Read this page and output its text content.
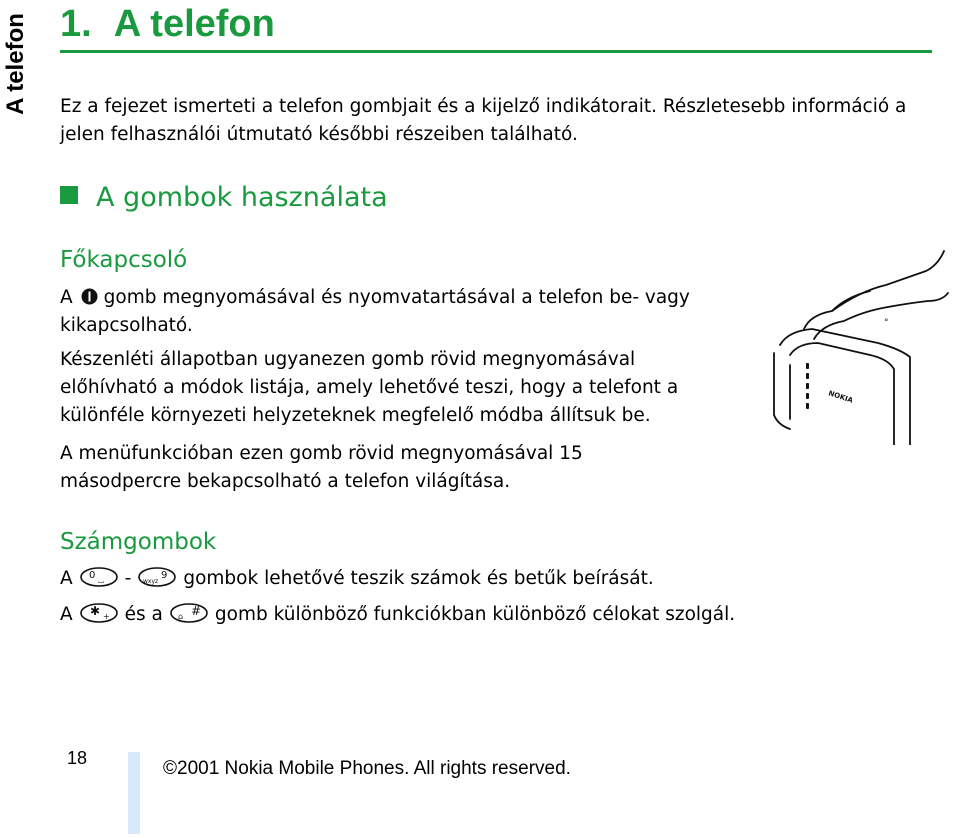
A telefon 1. A telefon
Ez a fejezet ismerteti a telefon gombjait és a kijelző indikátorait. Részletesebb információ a jelen felhasználói útmutató későbbi részeiben található.
A gombok használata
Főkapcsoló
A gomb megnyomásával és nyomvatartásával a telefon be- vagy kikapcsolható.
Készenléti állapotban ugyanezen gomb rövid megnyomásával előhívható a módok listája, amely lehetővé teszi, hogy a telefont a különféle környezeti helyzeteknek megfelelő módba állítsuk be.
A menüfunkcióban ezen gomb rövid megnyomásával 15 másodpercre bekapcsolható a telefon világítása.
NOKIA
°
Számgombok
A 0 ⌴ -	9
wxyz gombok lehetővé teszik számok és betűk beírását.
A ✱ + és a #
⌂ gomb különböző funkciókban különböző célokat szolgál.
18	©2001 Nokia Mobile Phones. All rights reserved.
